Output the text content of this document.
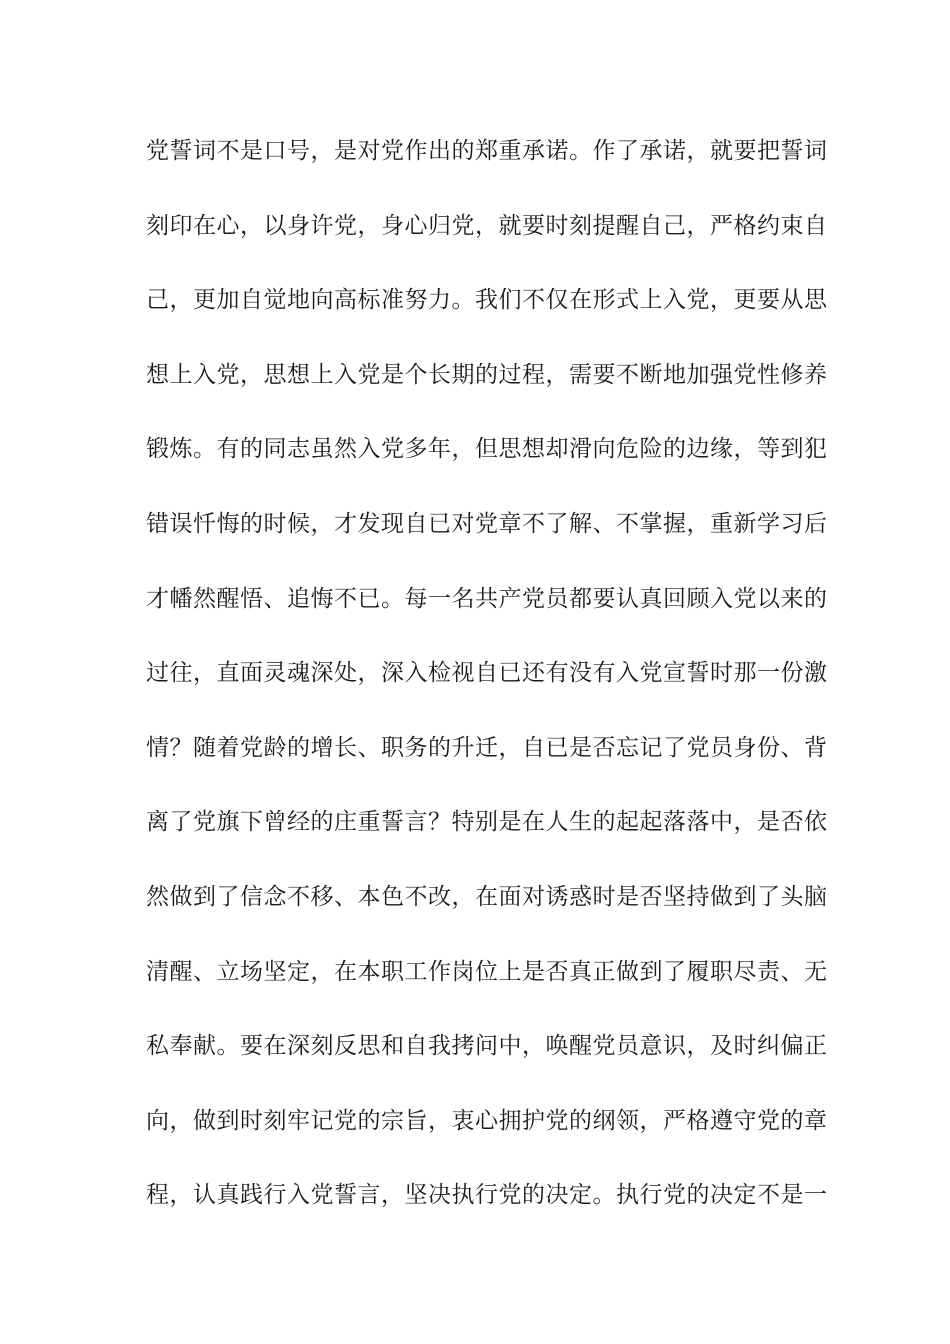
党誓词不是口号，是对党作出的郑重承诺。作了承诺，就要把誓词
刻印在心，以身许党，身心归党，就要时刻提醒自己，严格约束自
己，更加自觉地向高标准努力。我们不仅在形式上入党，更要从思
想上入党，思想上入党是个长期的过程，需要不断地加强党性修养
锻炼。有的同志虽然入党多年，但思想却滑向危险的边缘，等到犯
错误忏悔的时候，才发现自已对党章不了解、不掌握，重新学习后
才幡然醒悟、追悔不已。每一名共产党员都要认真回顾入党以来的
过往，直面灵魂深处，深入检视自已还有没有入党宣誓时那一份激
情？随着党龄的增长、职务的升迁，自已是否忘记了党员身份、背
离了党旗下曾经的庄重誓言？特别是在人生的起起落落中，是否依
然做到了信念不移、本色不改，在面对诱惑时是否坚持做到了头脑
清醒、立场坚定，在本职工作岗位上是否真正做到了履职尽责、无
私奉献。要在深刻反思和自我拷问中，唤醒党员意识，及时纠偏正
向，做到时刻牢记党的宗旨，衷心拥护党的纲领，严格遵守党的章
程，认真践行入党誓言，坚决执行党的决定。执行党的决定不是一
